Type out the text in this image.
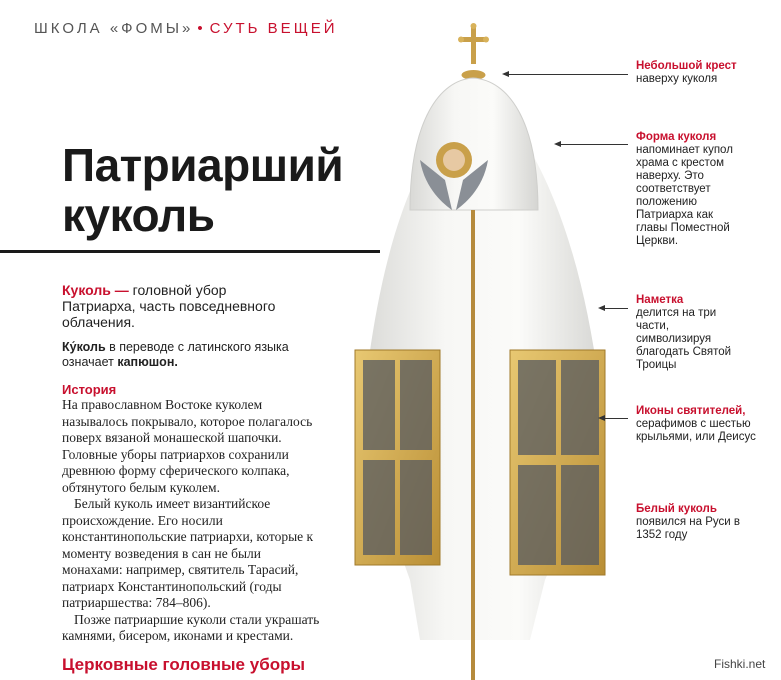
ШКОЛА «ФОМЫ» • СУТЬ ВЕЩЕЙ
Патриарший
куколь
Куколь — головной убор Патриарха, часть повседневного облачения.
Ку́коль в переводе с латинского языка означает капюшон.
История

На православном Востоке куколем называлось покрывало, которое полагалось поверх вязаной монашеской шапочки. Головные уборы патриархов сохранили древнюю форму сферического колпака, обтянутого белым куколем.

Белый куколь имеет византийское происхождение. Его носили константинопольские патриархи, которые к моменту возведения в сан не были монахами: например, святитель Тарасий, патриарх Константинопольский (годы патриаршества: 784–806).

Позже патриаршие куколи стали украшать камнями, бисером, иконами и крестами.

Небольшой крест
наверху куколя
Форма куколя
напоминает купол храма с крестом наверху. Это соответствует положению Патриарха как главы Поместной Церкви.
Наметка
делится на три части, символизируя благодать Святой Троицы
Иконы святителей,
серафимов с шестью крыльями, или Деисус
Белый куколь
появился на Руси в 1352 году
Церковные головные уборы	Fishki.net
